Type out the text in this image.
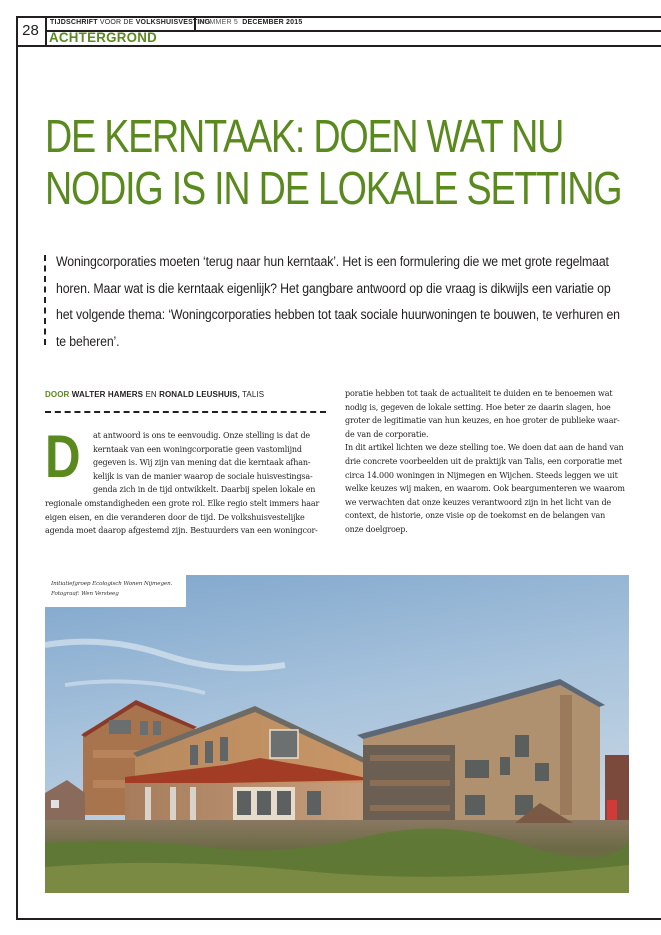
28	TIJDSCHRIFT VOOR DE VOLKSHUISVESTING
NUMMER 5 DECEMBER 2015
ACHTERGROND
DE KERNTAAK: DOEN WAT NU
NODIG IS IN DE LOKALE SETTING
Woningcorporaties moeten ‘terug naar hun kerntaak’. Het is een formulering die we met grote regelmaat
horen. Maar wat is die kerntaak eigenlijk? Het gangbare antwoord op die vraag is dikwijls een variatie op
het volgende thema: ‘Woningcorporaties hebben tot taak sociale huurwoningen te bouwen, te verhuren en
te beheren’.
DOOR WALTER HAMERS EN RONALD LEUSHUIS, TALIS
D	at antwoord is ons te eenvoudig. Onze stelling is dat de

kerntaak van een woningcorporatie geen vastomlijnd

gegeven is. Wij zijn van mening dat die kerntaak afhan-

kelijk is van de manier waarop de sociale huisvestingsa-

genda zich in de tijd ontwikkelt. Daarbij spelen lokale en

regionale omstandigheden een grote rol. Elke regio stelt immers haar

eigen eisen, en die veranderen door de tijd. De volkshuisvestelijke

agenda moet daarop afgestemd zijn. Bestuurders van een woningcor-

poratie hebben tot taak de actualiteit te duiden en te benoemen wat

nodig is, gegeven de lokale setting. Hoe beter ze daarin slagen, hoe

groter de legitimatie van hun keuzes, en hoe groter de publieke waar-

de van de corporatie.

In dit artikel lichten we deze stelling toe. We doen dat aan de hand van

drie concrete voorbeelden uit de praktijk van Talis, een corporatie met

circa 14.000 woningen in Nijmegen en Wijchen. Steeds leggen we uit

welke keuzes wij maken, en waarom. Ook beargumenteren we waarom

we verwachten dat onze keuzes verantwoord zijn in het licht van de

context, de historie, onze visie op de toekomst en de belangen van

onze doelgroep.

Initiatiefgroep Ecologisch Wonen Nijmegen.
Fotograaf: Wen Versteeg
